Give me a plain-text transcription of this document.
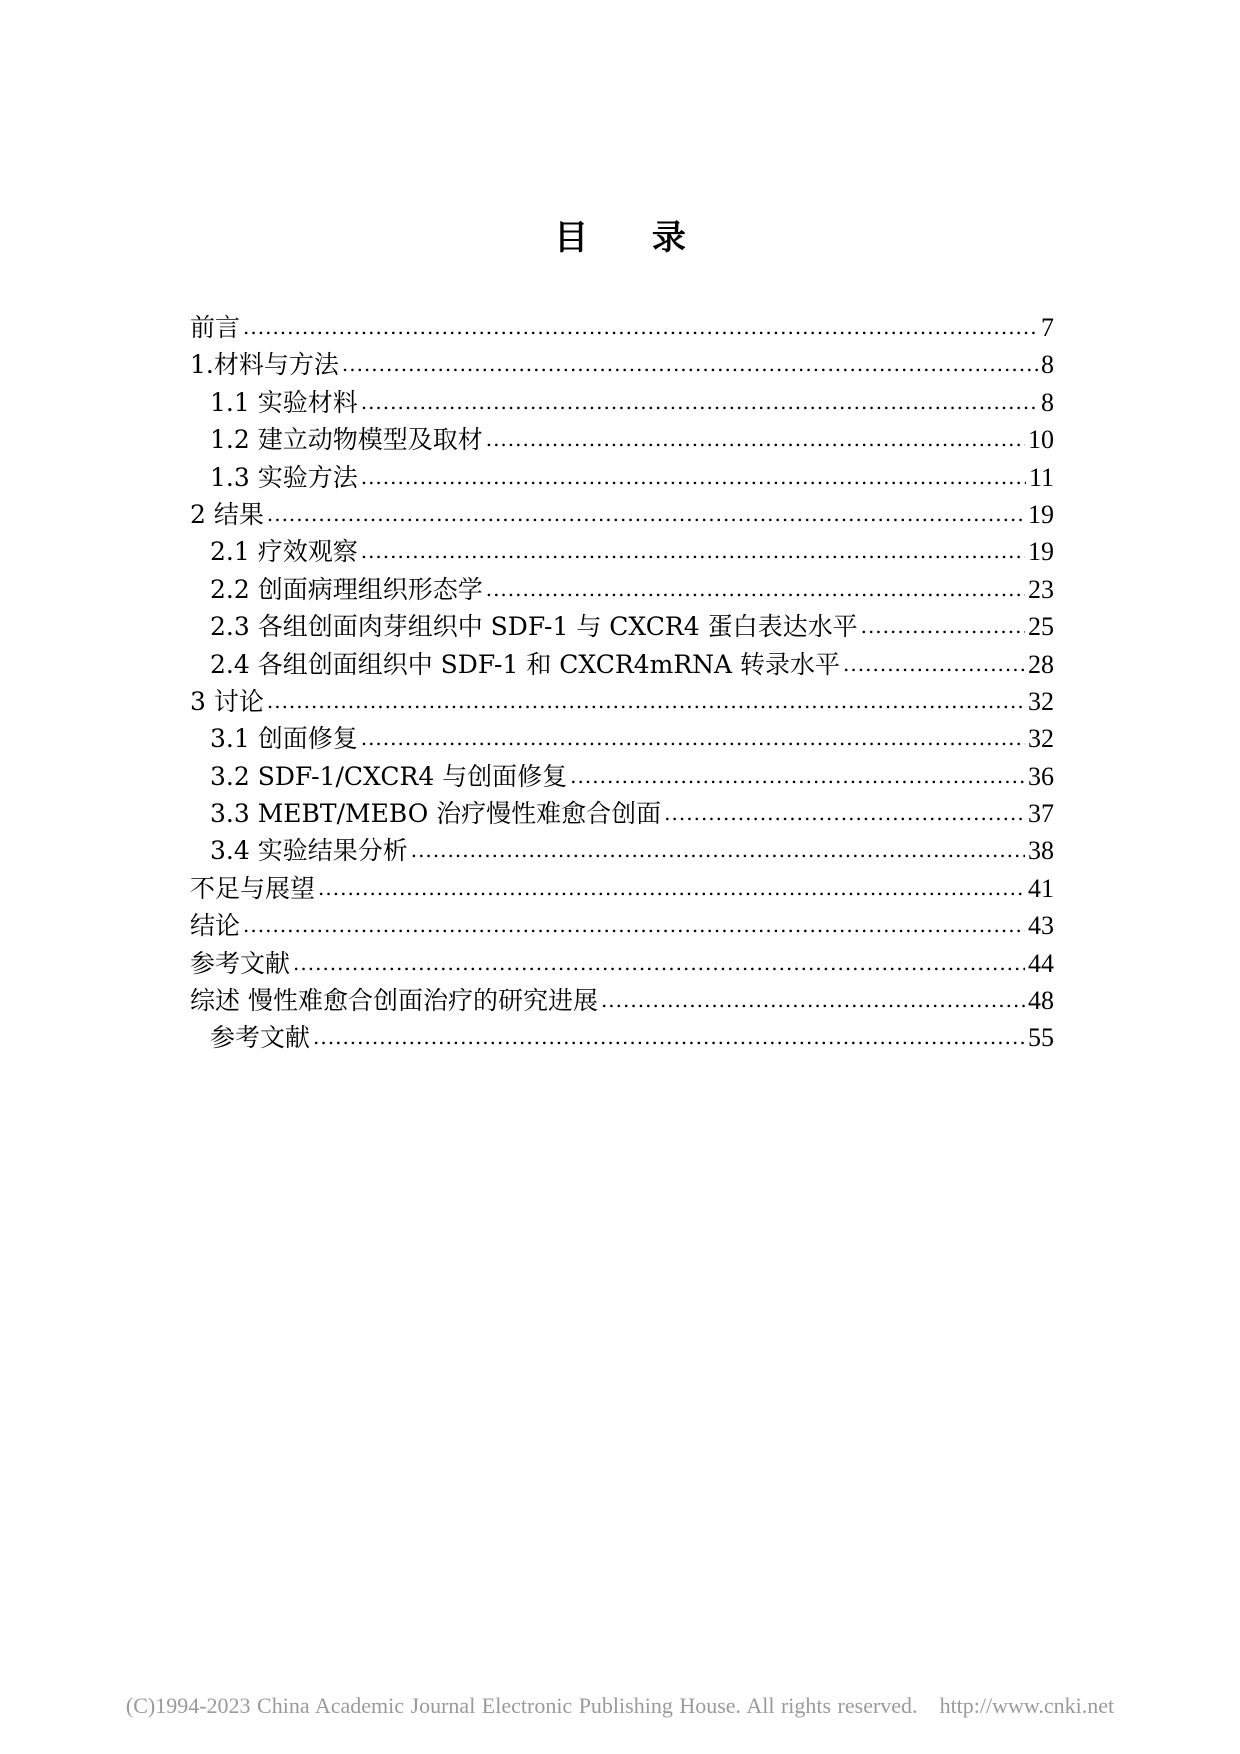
目 录
前言 .....	7
1.材料与方法 .....	8
1.1 实验材料 .....	8
1.2 建立动物模型及取材 .....	10
1.3 实验方法 .....	11
2 结果 .....	19
2.1 疗效观察 .....	19
2.2 创面病理组织形态学 .....	23
2.3 各组创面肉芽组织中 SDF-1 与 CXCR4 蛋白表达水平 .....	25
2.4 各组创面组织中 SDF-1 和 CXCR4mRNA 转录水平 .....	28
3 讨论 .....	32
3.1 创面修复 .....	32
3.2 SDF-1/CXCR4 与创面修复 .....	36
3.3 MEBT/MEBO 治疗慢性难愈合创面 .....	37
3.4 实验结果分析 .....	38
不足与展望 .....	41
结论 .....	43
参考文献 .....	44
综述 慢性难愈合创面治疗的研究进展 .....	48
参考文献 .....	55
(C)1994-2023 China Academic Journal Electronic Publishing House. All rights reserved. http://www.cnki.net
